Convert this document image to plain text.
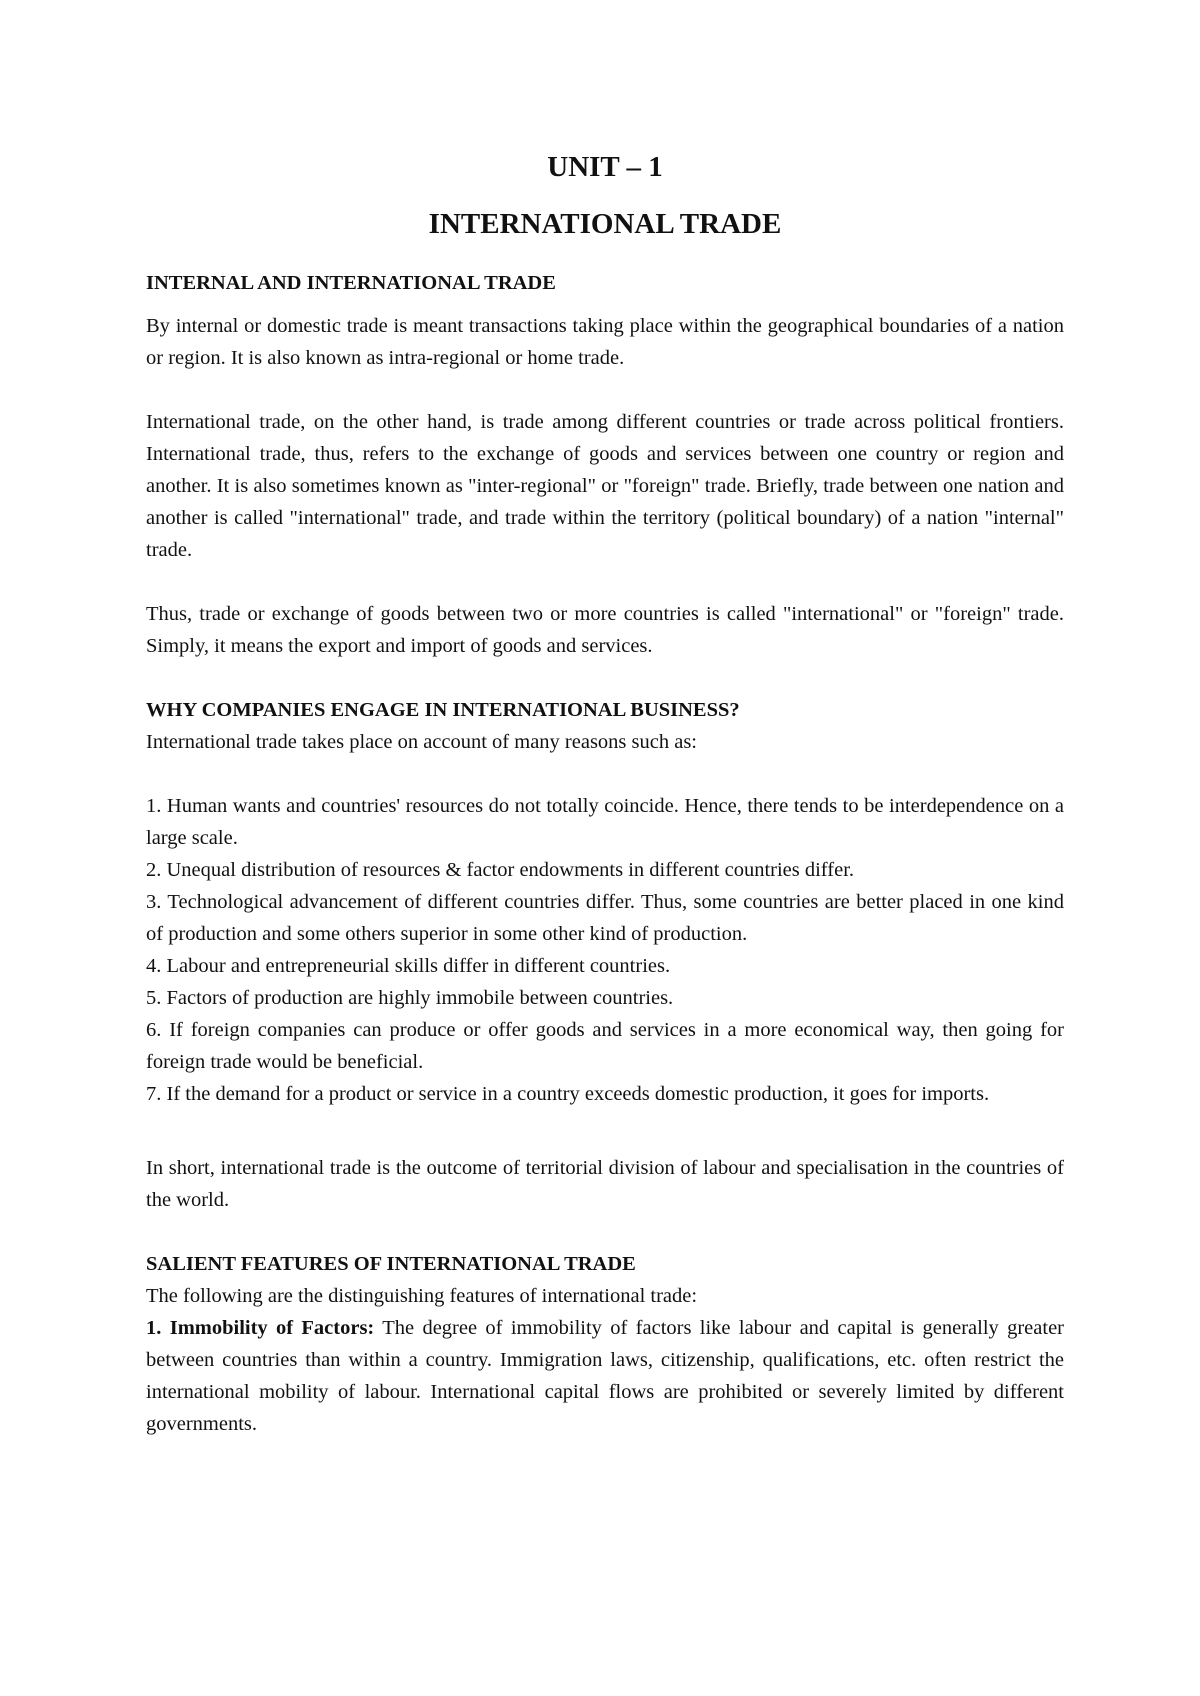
UNIT – 1
INTERNATIONAL TRADE

INTERNAL AND INTERNATIONAL TRADE

By internal or domestic trade is meant transactions taking place within the geographical boundaries of a nation or region. It is also known as intra-regional or home trade.

International trade, on the other hand, is trade among different countries or trade across political frontiers. International trade, thus, refers to the exchange of goods and services between one country or region and another. It is also sometimes known as "inter-regional" or "foreign" trade. Briefly, trade between one nation and another is called "international" trade, and trade within the territory (political boundary) of a nation "internal" trade.

Thus, trade or exchange of goods between two or more countries is called "international" or "foreign" trade. Simply, it means the export and import of goods and services.

WHY COMPANIES ENGAGE IN INTERNATIONAL BUSINESS?

International trade takes place on account of many reasons such as:

1. Human wants and countries' resources do not totally coincide. Hence, there tends to be interdependence on a large scale.

2. Unequal distribution of resources & factor endowments in different countries differ.

3. Technological advancement of different countries differ. Thus, some countries are better placed in one kind of production and some others superior in some other kind of production.

4. Labour and entrepreneurial skills differ in different countries.

5. Factors of production are highly immobile between countries.

6. If foreign companies can produce or offer goods and services in a more economical way, then going for foreign trade would be beneficial.

7. If the demand for a product or service in a country exceeds domestic production, it goes for imports.

In short, international trade is the outcome of territorial division of labour and specialisation in the countries of the world.

SALIENT FEATURES OF INTERNATIONAL TRADE

The following are the distinguishing features of international trade:

1. Immobility of Factors: The degree of immobility of factors like labour and capital is generally greater between countries than within a country. Immigration laws, citizenship, qualifications, etc. often restrict the international mobility of labour. International capital flows are prohibited or severely limited by different governments.
